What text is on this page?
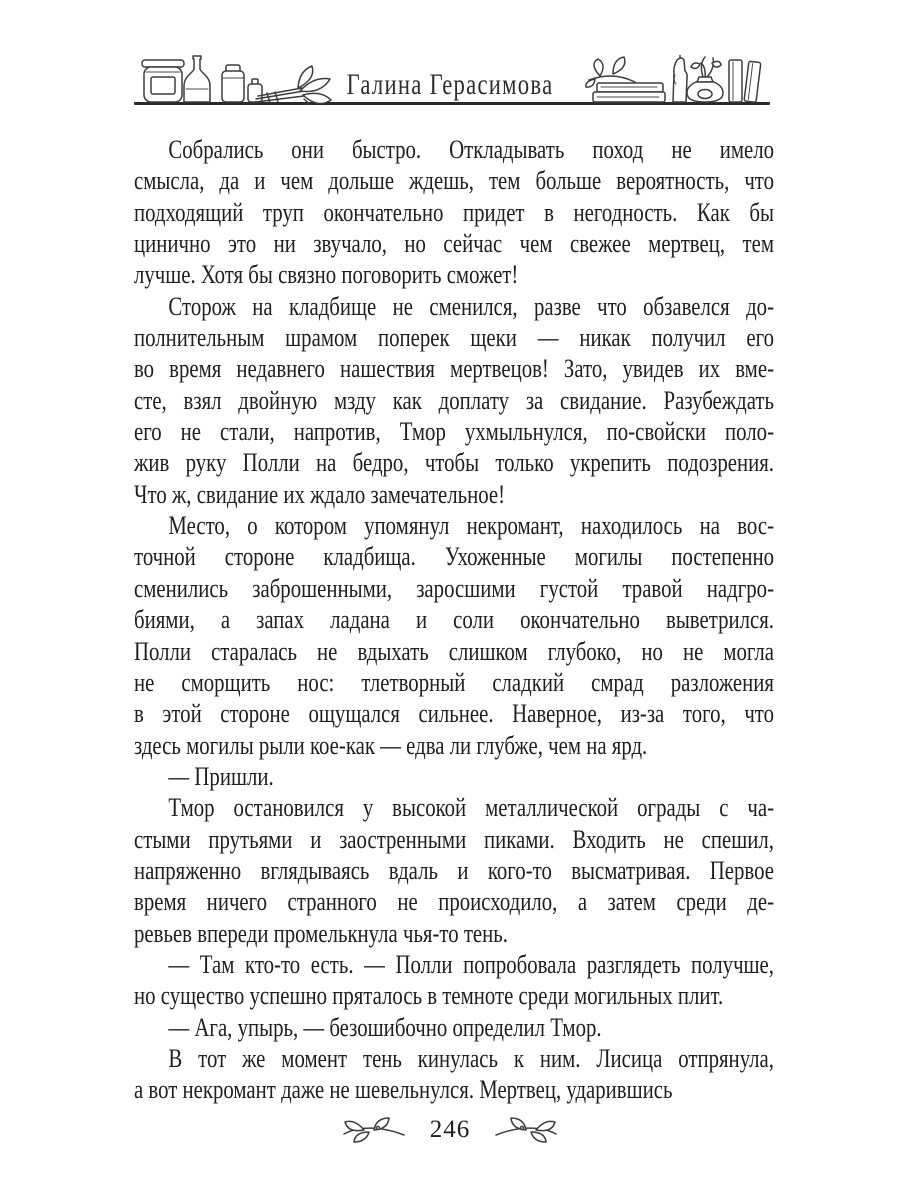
Галина Герасимова
Собрались они быстро. Откладывать поход не имело
смысла, да и чем дольше ждешь, тем больше вероятность, что
подходящий труп окончательно придет в негодность. Как бы
цинично это ни звучало, но сейчас чем свежее мертвец, тем
лучше. Хотя бы связно поговорить сможет!
Сторож на кладбище не сменился, разве что обзавелся до-
полнительным шрамом поперек щеки — никак получил его
во время недавнего нашествия мертвецов! Зато, увидев их вме-
сте, взял двойную мзду как доплату за свидание. Разубеждать
его не стали, напротив, Тмор ухмыльнулся, по-свойски поло-
жив руку Полли на бедро, чтобы только укрепить подозрения.
Что ж, свидание их ждало замечательное!
Место, о котором упомянул некромант, находилось на вос-
точной стороне кладбища. Ухоженные могилы постепенно
сменились заброшенными, заросшими густой травой надгро-
биями, а запах ладана и соли окончательно выветрился.
Полли старалась не вдыхать слишком глубоко, но не могла
не сморщить нос: тлетворный сладкий смрад разложения
в этой стороне ощущался сильнее. Наверное, из-за того, что
здесь могилы рыли кое-как — едва ли глубже, чем на ярд.
— Пришли.
Тмор остановился у высокой металлической ограды с ча-
стыми прутьями и заостренными пиками. Входить не спешил,
напряженно вглядываясь вдаль и кого-то высматривая. Первое
время ничего странного не происходило, а затем среди де-
ревьев впереди промелькнула чья-то тень.
— Там кто-то есть. — Полли попробовала разглядеть получше,
но существо успешно пряталось в темноте среди могильных плит.
— Ага, упырь, — безошибочно определил Тмор.
В тот же момент тень кинулась к ним. Лисица отпрянула,
а вот некромант даже не шевельнулся. Мертвец, ударившись
246
